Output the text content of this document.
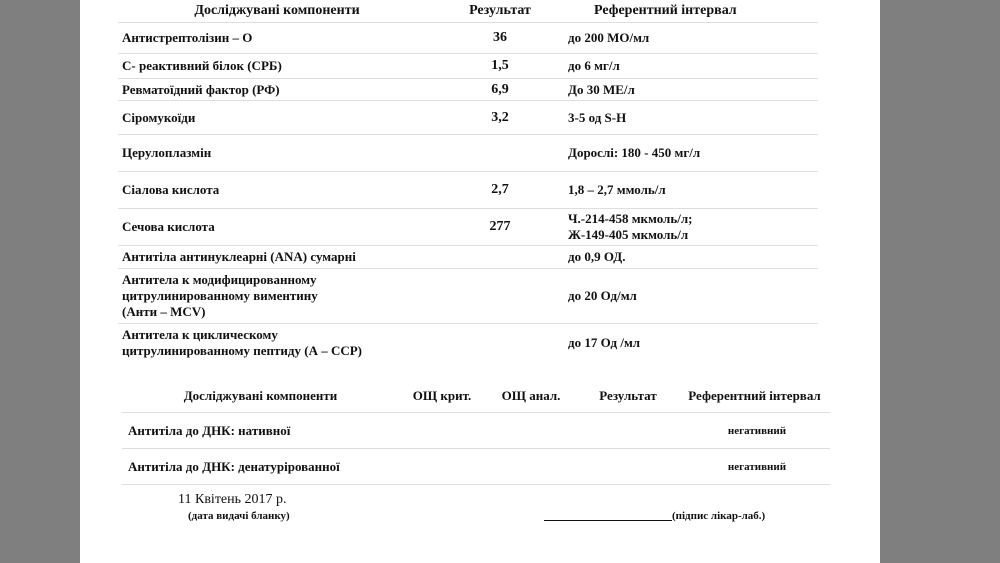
Досліджувані компоненти	Результат	Референтний інтервал
Антистрептолізин – О	36	до 200 МО/мл
С- реактивний білок (СРБ)	1,5	до 6 мг/л
Ревматоїдний фактор (РФ)	6,9	До 30 МЕ/л
Сіромукоїди	3,2	3-5 од S-H
Церулоплазмін		Дорослі: 180 - 450 мг/л
Сіалова кислота	2,7	1,8 – 2,7 ммоль/л
Сечова кислота	277	Ч.-214-458 мкмоль/л;
Ж-149-405 мкмоль/л

Антитіла антинуклеарні (ANA) сумарні		до 0,9 ОД.

Антитела к модифицированному
цитрулинированному виментину
(Анти – MCV)		до 20 Од/мл

Антитела к циклическому
цитрулинированному пептиду (А – ССР)		до 17 Од /мл
Досліджувані компоненти	ОЩ крит.	ОЩ анал.	Результат	Референтний інтервал
Антитіла до ДНК: нативної				негативний
Антитіла до ДНК: денатурірованної				негативний
11 Квітень 2017 р.
(дата видачі бланку)	(підпис лікар-лаб.)
